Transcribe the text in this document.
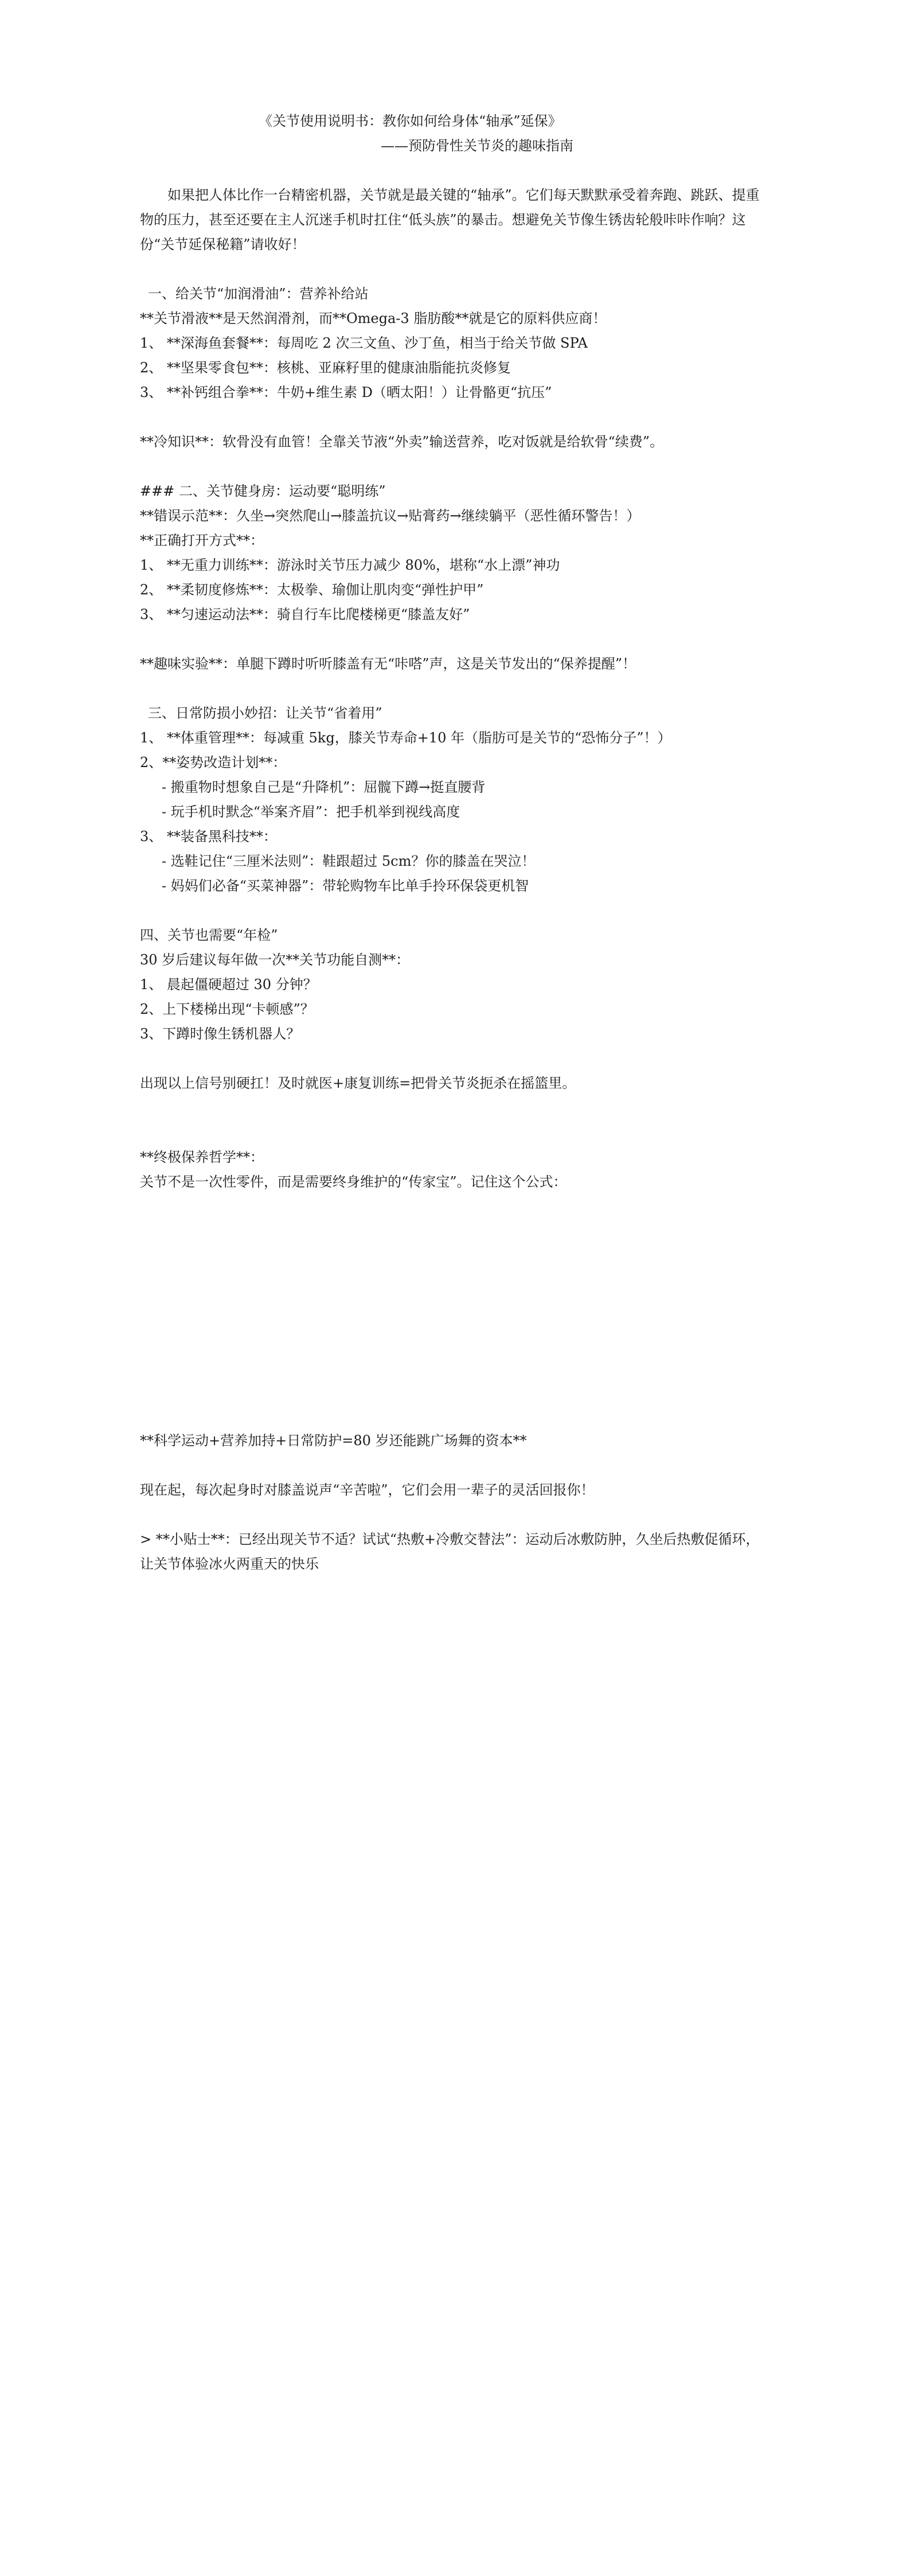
《关节使用说明书：教你如何给身体“轴承”延保》
——预防骨性关节炎的趣味指南
如果把人体比作一台精密机器，关节就是最关键的“轴承”。它们每天默默承受着奔跑、跳跃、提重物的压力，甚至还要在主人沉迷手机时扛住“低头族”的暴击。想避免关节像生锈齿轮般咔咔作响？这份“关节延保秘籍”请收好！
一、给关节“加润滑油”：营养补给站
**关节滑液**是天然润滑剂，而**Omega-3 脂肪酸**就是它的原料供应商！
1、 **深海鱼套餐**：每周吃 2 次三文鱼、沙丁鱼，相当于给关节做 SPA
2、 **坚果零食包**：核桃、亚麻籽里的健康油脂能抗炎修复
3、 **补钙组合拳**：牛奶+维生素 D（晒太阳！）让骨骼更“抗压”
**冷知识**：软骨没有血管！全靠关节液“外卖”输送营养，吃对饭就是给软骨“续费”。
### 二、关节健身房：运动要“聪明练”
**错误示范**：久坐→突然爬山→膝盖抗议→贴膏药→继续躺平（恶性循环警告！）
**正确打开方式**：
1、 **无重力训练**：游泳时关节压力减少 80%，堪称“水上漂”神功
2、 **柔韧度修炼**：太极拳、瑜伽让肌肉变“弹性护甲”
3、 **匀速运动法**：骑自行车比爬楼梯更“膝盖友好”
**趣味实验**：单腿下蹲时听听膝盖有无“咔嗒”声，这是关节发出的“保养提醒”！
三、日常防损小妙招：让关节“省着用”
1、 **体重管理**：每减重 5kg，膝关节寿命+10 年（脂肪可是关节的“恐怖分子”！）
2、**姿势改造计划**：
- 搬重物时想象自己是“升降机”：屈髋下蹲→挺直腰背
- 玩手机时默念“举案齐眉”：把手机举到视线高度
3、 **装备黑科技**：
- 选鞋记住“三厘米法则”：鞋跟超过 5cm？你的膝盖在哭泣！
- 妈妈们必备“买菜神器”：带轮购物车比单手拎环保袋更机智
四、关节也需要“年检”
30 岁后建议每年做一次**关节功能自测**：
1、 晨起僵硬超过 30 分钟？
2、上下楼梯出现“卡顿感”？
3、下蹲时像生锈机器人？
出现以上信号别硬扛！及时就医+康复训练=把骨关节炎扼杀在摇篮里。
**终极保养哲学**：
关节不是一次性零件，而是需要终身维护的“传家宝”。记住这个公式：
**科学运动+营养加持+日常防护=80 岁还能跳广场舞的资本**
现在起，每次起身时对膝盖说声“辛苦啦”，它们会用一辈子的灵活回报你！
> **小贴士**：已经出现关节不适？试试“热敷+冷敷交替法”：运动后冰敷防肿，久坐后热敷促循环，让关节体验冰火两重天的快乐
